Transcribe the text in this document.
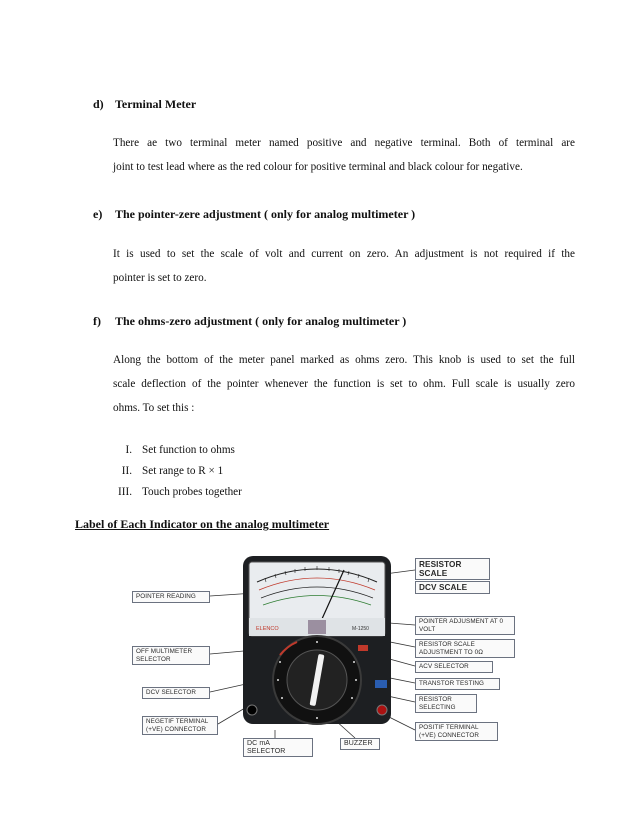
d) Terminal Meter
There ae two terminal meter named positive and negative terminal. Both of terminal are
joint to test lead where as the red colour for positive terminal and black colour for negative.
e) The pointer-zere adjustment ( only for analog multimeter )
It is used to set the scale of volt and current on zero. An adjustment is not required if the
pointer is set to zero.
f) The ohms-zero adjustment ( only for analog multimeter )
Along the bottom of the meter panel marked as ohms zero. This knob is used to set the full
scale deflection of the pointer whenever the function is set to ohm. Full scale is usually zero
ohms. To set this :
I. Set function to ohms
II. Set range to R × 1
III. Touch probes together
Label of Each Indicator on the analog multimeter
ELENCO	M-1250
RESISTOR SCALE
DCV SCALE
POINTER READING
POINTER ADJUSMENT AT 0 VOLT
RESISTOR SCALE ADJUSTMENT TO 0Ω
OFF MULTIMETER SELECTOR
ACV SELECTOR
TRANSTOR TESTING
DCV SELECTOR
RESISTOR SELECTING
NEGETIF TERMINAL (+VE) CONNECTOR	POSITIF TERMINAL (+VE) CONNECTOR
DC mA SELECTOR
BUZZER
